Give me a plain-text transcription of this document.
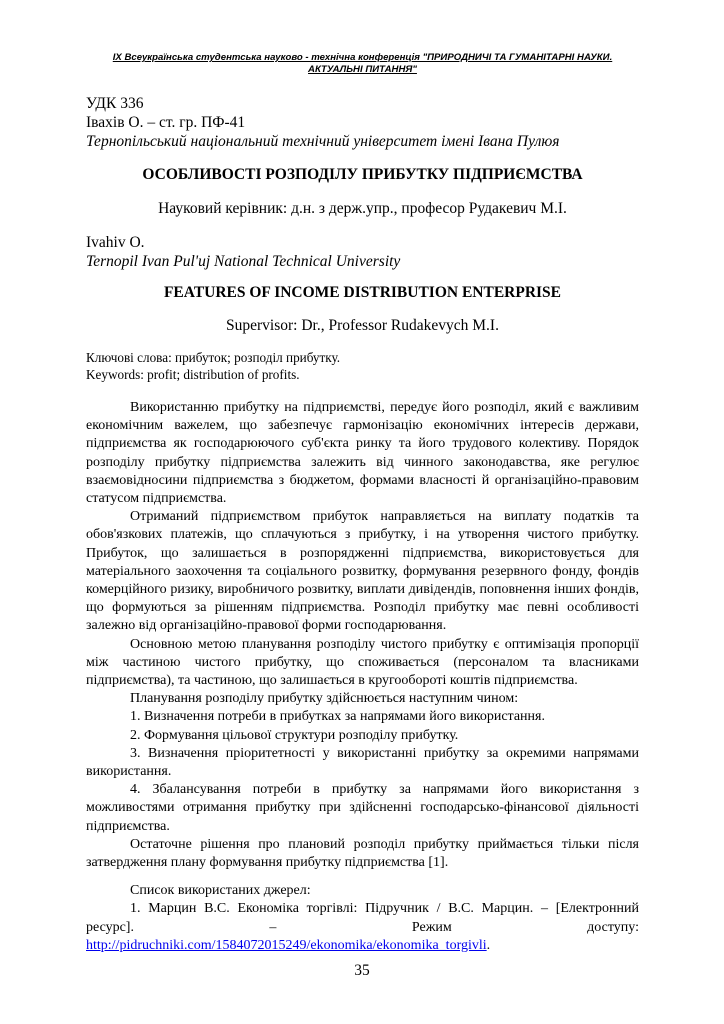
IX Всеукраїнська студентська науково - технічна конференція "ПРИРОДНИЧІ ТА ГУМАНІТАРНІ НАУКИ.

АКТУАЛЬНІ ПИТАННЯ"

УДК 336

Івахів О. – ст. гр. ПФ-41

Тернопільський національний технічний університет імені Івана Пулюя

ОСОБЛИВОСТІ РОЗПОДІЛУ ПРИБУТКУ ПІДПРИЄМСТВА

Науковий керівник: д.н. з держ.упр., професор Рудакевич М.І.

Ivahiv O.

Ternopil Ivan Pul'uj National Technical University

FEATURES OF INCOME DISTRIBUTION ENTERPRISE

Supervisor: Dr., Professor Rudakevych M.I.

Ключові слова: прибуток; розподіл прибутку.

Keywords: profit; distribution of profits.

Використанню прибутку на підприємстві, передує його розподіл, який є важливим економічним важелем, що забезпечує гармонізацію економічних інтересів держави, підприємства як господарюючого суб'єкта ринку та його трудового колективу. Порядок розподілу прибутку підприємства залежить від чинного законодавства, яке регулює взаємовідносини підприємства з бюджетом, формами власності й організаційно-правовим статусом підприємства.

Отриманий підприємством прибуток направляється на виплату податків та обов'язкових платежів, що сплачуються з прибутку, і на утворення чистого прибутку. Прибуток, що залишається в розпорядженні підприємства, використовується для матеріального заохочення та соціального розвитку, формування резервного фонду, фондів комерційного ризику, виробничого розвитку, виплати дивідендів, поповнення інших фондів, що формуються за рішенням підприємства. Розподіл прибутку має певні особливості залежно від організаційно-правової форми господарювання.

Основною метою планування розподілу чистого прибутку є оптимізація пропорції між частиною чистого прибутку, що споживається (персоналом та власниками підприємства), та частиною, що залишається в кругообороті коштів підприємства.

Планування розподілу прибутку здійснюється наступним чином:

1. Визначення потреби в прибутках за напрямами його використання.

2. Формування цільової структури розподілу прибутку.

3. Визначення пріоритетності у використанні прибутку за окремими напрямами використання.

4. Збалансування потреби в прибутку за напрямами його використання з можливостями отримання прибутку при здійсненні господарсько-фінансової діяльності підприємства.

Остаточне рішення про плановий розподіл прибутку приймається тільки після затвердження плану формування прибутку підприємства [1].

Список використаних джерел:

1. Марцин В.С. Економіка торгівлі: Підручник / В.С. Марцин. – [Електронний ресурс]. – Режим доступу: http://pidruchniki.com/1584072015249/ekonomika/ekonomika_torgivli.

35
